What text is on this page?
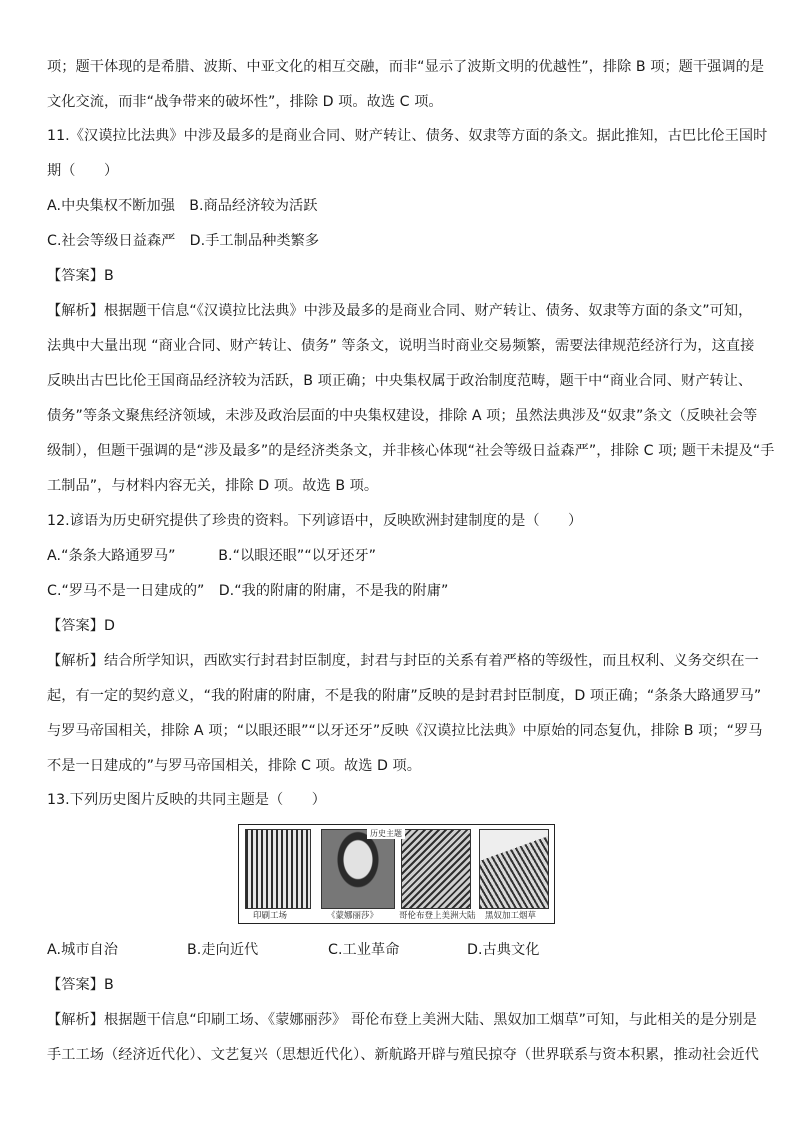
项；题干体现的是希腊、波斯、中亚文化的相互交融，而非“显示了波斯文明的优越性”，排除 B 项；题干强调的是
文化交流，而非“战争带来的破坏性”，排除 D 项。故选 C 项。
11.《汉谟拉比法典》中涉及最多的是商业合同、财产转让、债务、奴隶等方面的条文。据此推知，古巴比伦王国时
期（　　）
A.中央集权不断加强　B.商品经济较为活跃
C.社会等级日益森严　D.手工制品种类繁多
【答案】B
【解析】根据题干信息“《汉谟拉比法典》中涉及最多的是商业合同、财产转让、债务、奴隶等方面的条文”可知，
法典中大量出现 “商业合同、财产转让、债务” 等条文，说明当时商业交易频繁，需要法律规范经济行为，这直接
反映出古巴比伦王国商品经济较为活跃，B 项正确；中央集权属于政治制度范畴，题干中“商业合同、财产转让、
债务”等条文聚焦经济领域，未涉及政治层面的中央集权建设，排除 A 项；虽然法典涉及“奴隶”条文（反映社会等
级制），但题干强调的是“涉及最多”的是经济类条文，并非核心体现“社会等级日益森严”，排除 C 项; 题干未提及“手
工制品”，与材料内容无关，排除 D 项。故选 B 项。
12.谚语为历史研究提供了珍贵的资料。下列谚语中，反映欧洲封建制度的是（　　）
A.“条条大路通罗马”　　　B.“以眼还眼”“以牙还牙”
C.“罗马不是一日建成的”　D.“我的附庸的附庸，不是我的附庸”
【答案】D
【解析】结合所学知识，西欧实行封君封臣制度，封君与封臣的关系有着严格的等级性，而且权利、义务交织在一
起，有一定的契约意义，“我的附庸的附庸，不是我的附庸”反映的是封君封臣制度，D 项正确；“条条大路通罗马”
与罗马帝国相关，排除 A 项；“以眼还眼”“以牙还牙”反映《汉谟拉比法典》中原始的同态复仇，排除 B 项；“罗马
不是一日建成的”与罗马帝国相关，排除 C 项。故选 D 项。
13.下列历史图片反映的共同主题是（　　）
历史主题
印刷工场	《蒙娜丽莎》 哥伦布登上美洲大陆 黑奴加工烟草
A.城市自治	B.走向近代	C.工业革命	D.古典文化
【答案】B
【解析】根据题干信息“印刷工场、《蒙娜丽莎》 哥伦布登上美洲大陆、黑奴加工烟草”可知，与此相关的是分别是
手工工场（经济近代化）、文艺复兴（思想近代化）、新航路开辟与殖民掠夺（世界联系与资本积累，推动社会近代
